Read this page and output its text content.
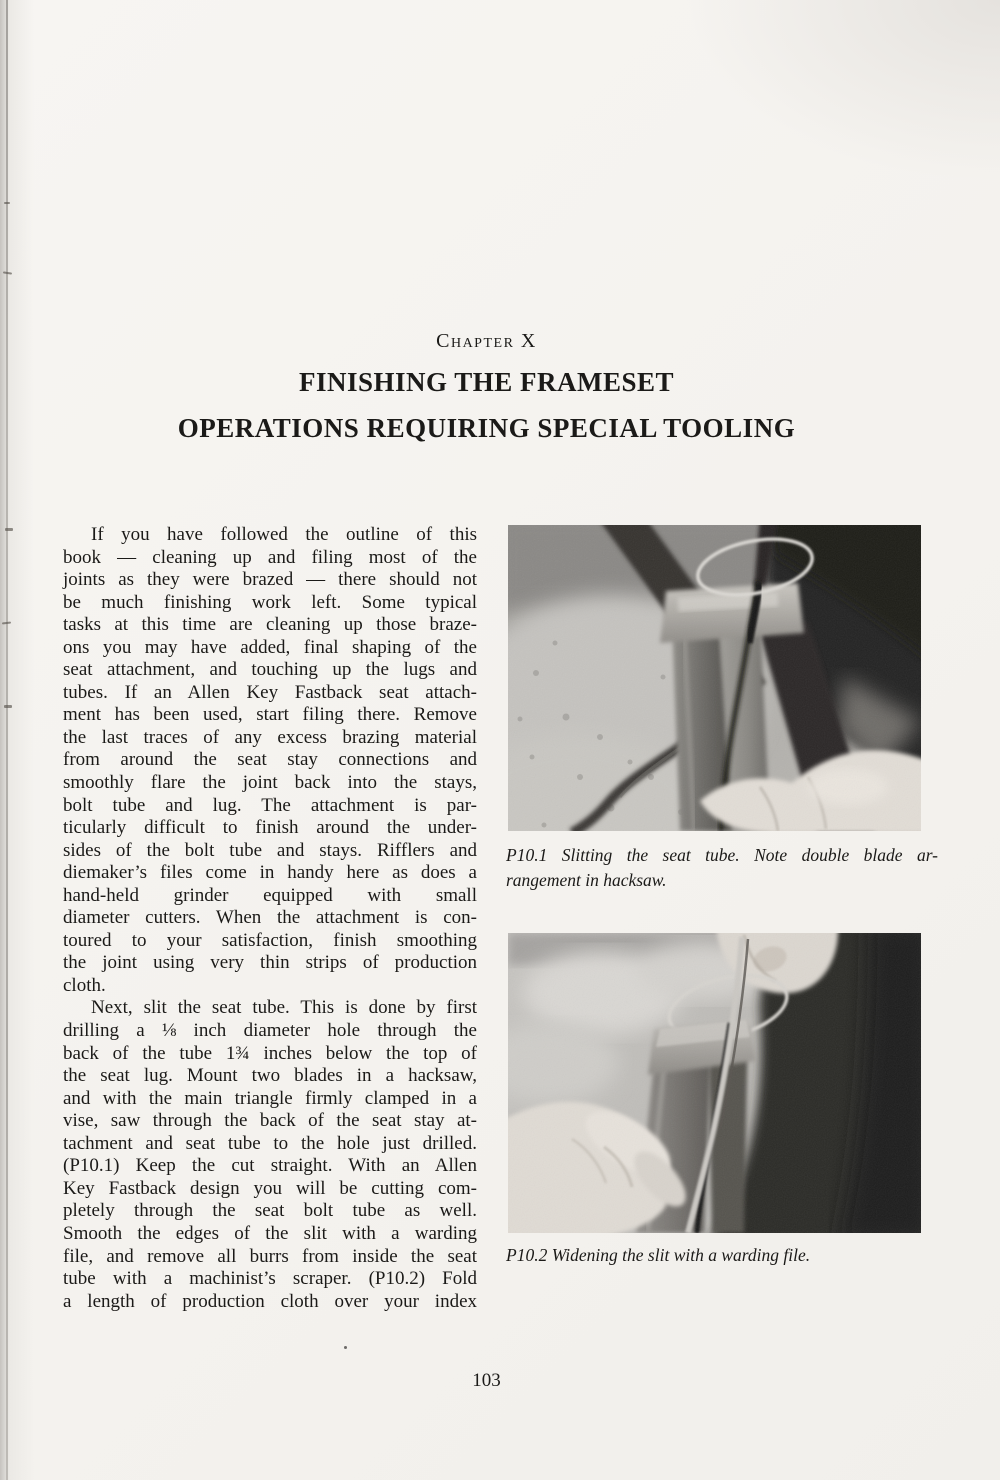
Chapter X
FINISHING THE FRAMESET
OPERATIONS REQUIRING SPECIAL TOOLING
If you have followed the outline of this
book — cleaning up and filing most of the
joints as they were brazed — there should not
be much finishing work left. Some typical
tasks at this time are cleaning up those braze-
ons you may have added, final shaping of the
seat attachment, and touching up the lugs and
tubes. If an Allen Key Fastback seat attach-
ment has been used, start filing there. Remove
the last traces of any excess brazing material
from around the seat stay connections and
smoothly flare the joint back into the stays,
bolt tube and lug. The attachment is par-
ticularly difficult to finish around the under-
sides of the bolt tube and stays. Rifflers and
diemaker’s files come in handy here as does a
hand-held grinder equipped with small
diameter cutters. When the attachment is con-
toured to your satisfaction, finish smoothing
the joint using very thin strips of production
cloth.
Next, slit the seat tube. This is done by first
drilling a ⅛ inch diameter hole through the
back of the tube 1¾ inches below the top of
the seat lug. Mount two blades in a hacksaw,
and with the main triangle firmly clamped in a
vise, saw through the back of the seat stay at-
tachment and seat tube to the hole just drilled.
(P10.1) Keep the cut straight. With an Allen
Key Fastback design you will be cutting com-
pletely through the seat bolt tube as well.
Smooth the edges of the slit with a warding
file, and remove all burrs from inside the seat
tube with a machinist’s scraper. (P10.2) Fold
a length of production cloth over your index
P10.1 Slitting the seat tube. Note double blade ar-
rangement in hacksaw.
P10.2 Widening the slit with a warding file.
103
